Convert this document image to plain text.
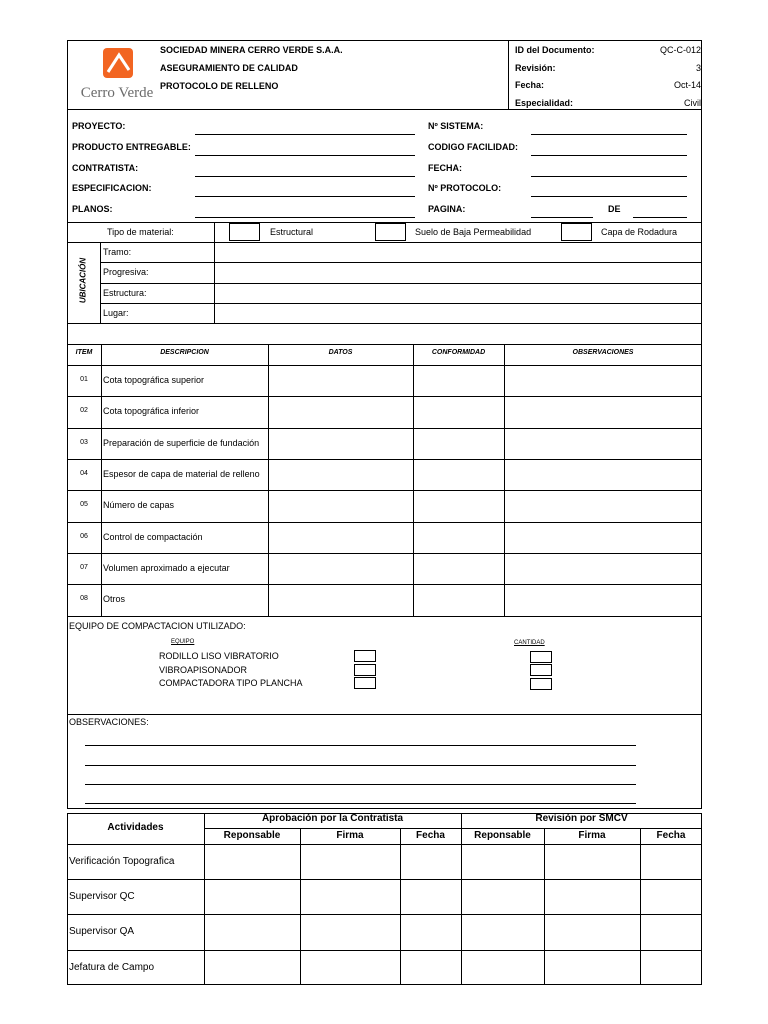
Cerro Verde
SOCIEDAD MINERA CERRO VERDE S.A.A.
ASEGURAMIENTO DE CALIDAD
PROTOCOLO DE RELLENO
ID del Documento:	QC-C-012
Revisión:	3
Fecha:	Oct-14
Especialidad:	Civil
PROYECTO:
PRODUCTO ENTREGABLE:
CONTRATISTA:
ESPECIFICACION:
PLANOS:
Nº SISTEMA:
CODIGO FACILIDAD:
FECHA:
Nº PROTOCOLO:
PAGINA:	DE
Tipo de material:	Estructural	Suelo de Baja Permeabilidad	Capa de Rodadura
UBICACIÓN
Tramo:
Progresiva:
Estructura:
Lugar:
ITEM	DESCRIPCION	DATOS	CONFORMIDAD	OBSERVACIONES
01	Cota topográfica superior
02	Cota topográfica inferior
03	Preparación de superficie de fundación
04	Espesor de capa de material de relleno
05	Número de capas
06	Control de compactación
07	Volumen aproximado a ejecutar
08	Otros
EQUIPO DE COMPACTACION UTILIZADO:
EQUIPO	CANTIDAD
RODILLO LISO VIBRATORIO
VIBROAPISONADOR
COMPACTADORA TIPO PLANCHA
OBSERVACIONES:
Actividades
Aprobación por la Contratista	Revisión por SMCV
Reponsable	Firma	Fecha	Reponsable	Firma	Fecha
Verificación Topografica
Supervisor QC
Supervisor QA
Jefatura de Campo
